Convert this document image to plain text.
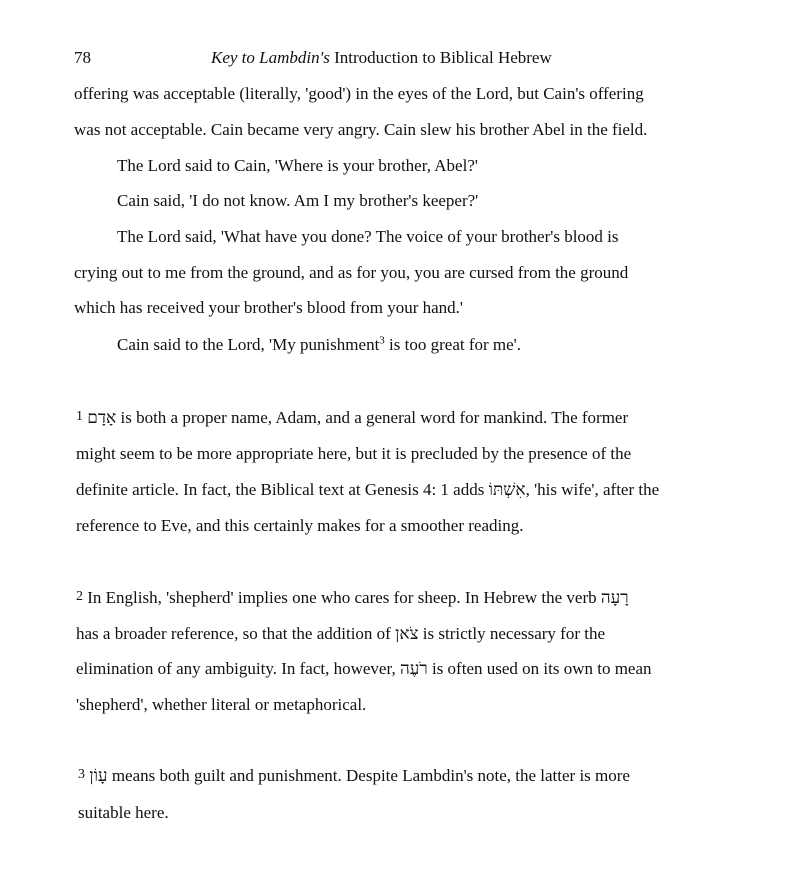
78	Key to Lambdin's Introduction to Biblical Hebrew
offering was acceptable (literally, 'good') in the eyes of the Lord, but Cain's offering
was not acceptable. Cain became very angry. Cain slew his brother Abel in the field.
The Lord said to Cain, 'Where is your brother, Abel?'
Cain said, 'I do not know. Am I my brother's keeper?'
The Lord said, 'What have you done? The voice of your brother's blood is
crying out to me from the ground, and as for you, you are cursed from the ground
which has received your brother's blood from your hand.'
Cain said to the Lord, 'My punishment$^3$ is too great for me'.
1 אָדָם is both a proper name, Adam, and a general word for mankind. The former
might seem to be more appropriate here, but it is precluded by the presence of the
definite article. In fact, the Biblical text at Genesis 4: 1 adds אִשְׁתּוֹ, 'his wife', after the
reference to Eve, and this certainly makes for a smoother reading.
2 In English, 'shepherd' implies one who cares for sheep. In Hebrew the verb רָעָה
has a broader reference, so that the addition of צֹאן is strictly necessary for the
elimination of any ambiguity. In fact, however, רֹעֶה is often used on its own to mean
'shepherd', whether literal or metaphorical.
3 עָוֹן means both guilt and punishment. Despite Lambdin's note, the latter is more
suitable here.
